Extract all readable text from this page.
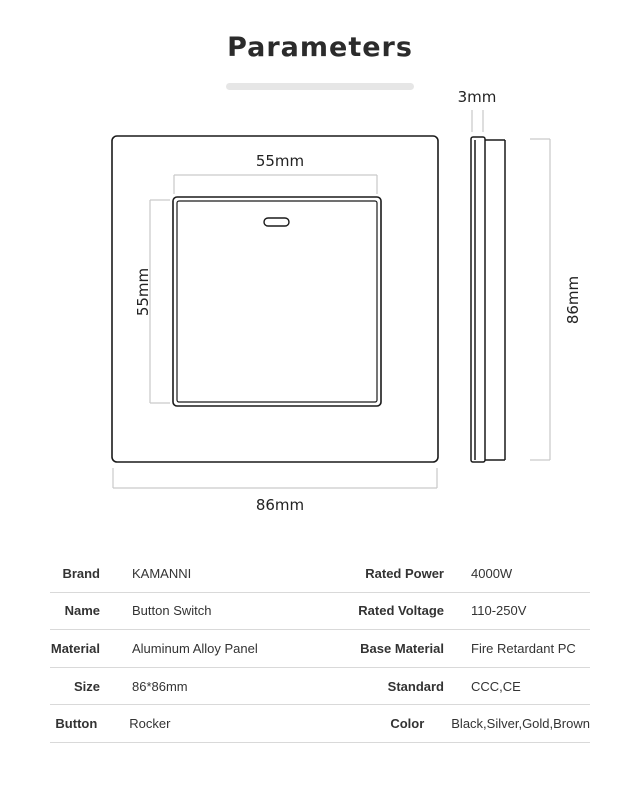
Parameters
55mm
55mm
86mm
3mm
86mm
Brand	KAMANNI	Rated Power	4000W
Name	Button Switch	Rated Voltage	110-250V
Material	Aluminum Alloy Panel	Base Material	Fire Retardant PC
Size	86*86mm	Standard	CCC,CE
Button	Rocker	Color	Black,Silver,Gold,Brown
